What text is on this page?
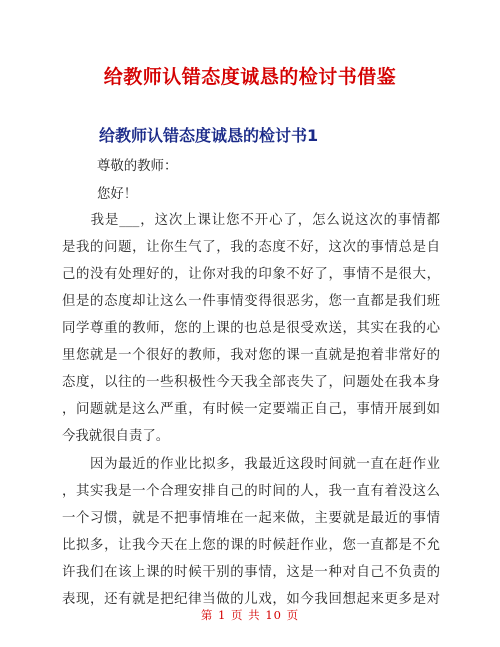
给教师认错态度诚恳的检讨书借鉴
给教师认错态度诚恳的检讨书1
尊敬的教师：
您好！
　　我是___，这次上课让您不开心了，怎么说这次的事情都
是我的问题，让你生气了，我的态度不好，这次的事情总是自
己的没有处理好的，让你对我的印象不好了，事情不是很大，
但是的态度却让这么一件事情变得很恶劣，您一直都是我们班
同学尊重的教师，您的上课的也总是很受欢送，其实在我的心
里您就是一个很好的教师，我对您的课一直就是抱着非常好的
态度，以往的一些积极性今天我全部丧失了，问题处在我本身
，问题就是这么严重，有时候一定要端正自己，事情开展到如
今我就很自责了。
　　因为最近的作业比拟多，我最近这段时间就一直在赶作业
，其实我是一个合理安排自己的时间的人，我一直有着没这么
一个习惯，就是不把事情堆在一起来做，主要就是最近的事情
比拟多，让我今天在上您的课的时候赶作业，您一直都是不允
许我们在该上课的时候干别的事情，这是一种对自己不负责的
表现，还有就是把纪律当做的儿戏，如今我回想起来更多是对
第 1 页 共 10 页
